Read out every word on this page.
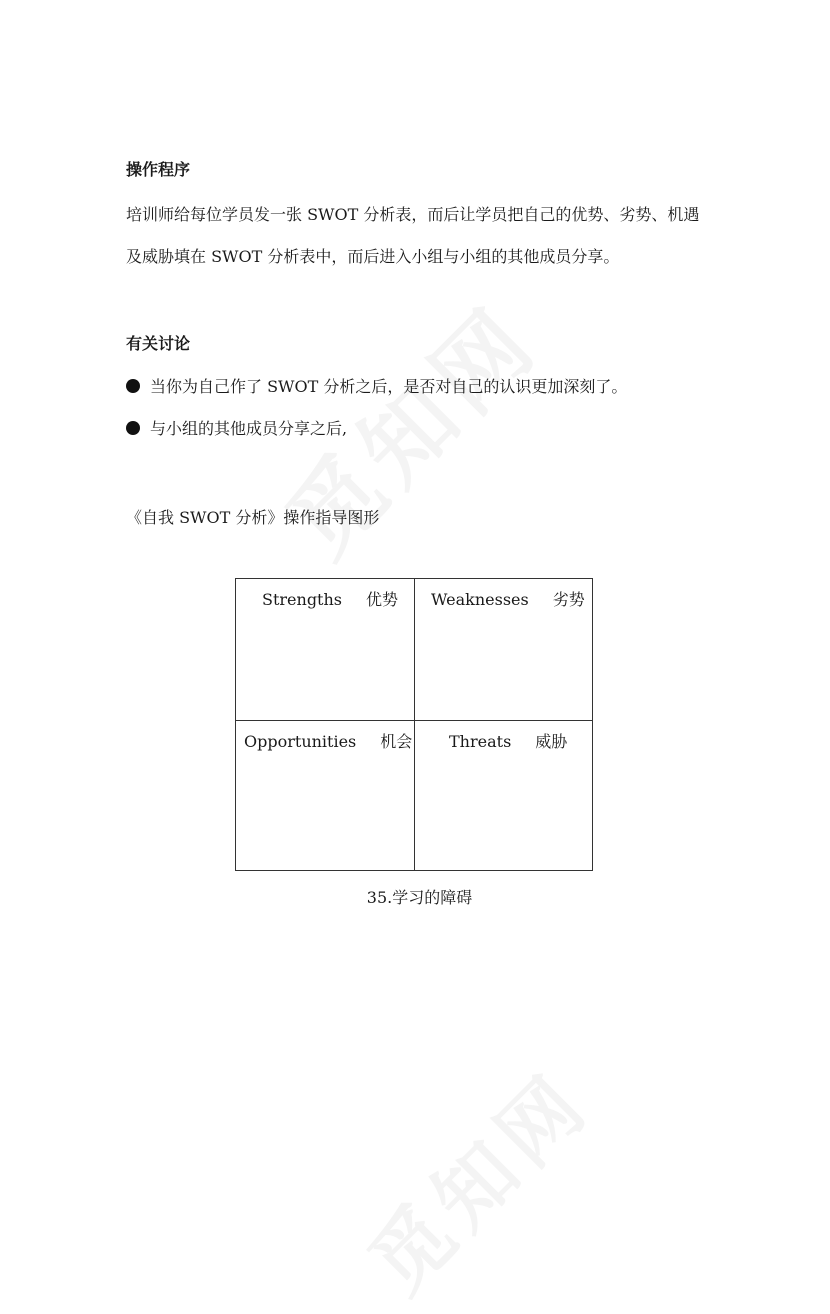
操作程序
培训师给每位学员发一张 SWOT 分析表，而后让学员把自己的优势、劣势、机遇
及威胁填在 SWOT 分析表中，而后进入小组与小组的其他成员分享。
有关讨论
当你为自己作了 SWOT 分析之后，是否对自己的认识更加深刻了。
与小组的其他成员分享之后,
《自我 SWOT 分析》操作指导图形
Strengths 优势 Weaknesses 劣势
Opportunities 机会 Threats 威胁
35.学习的障碍
